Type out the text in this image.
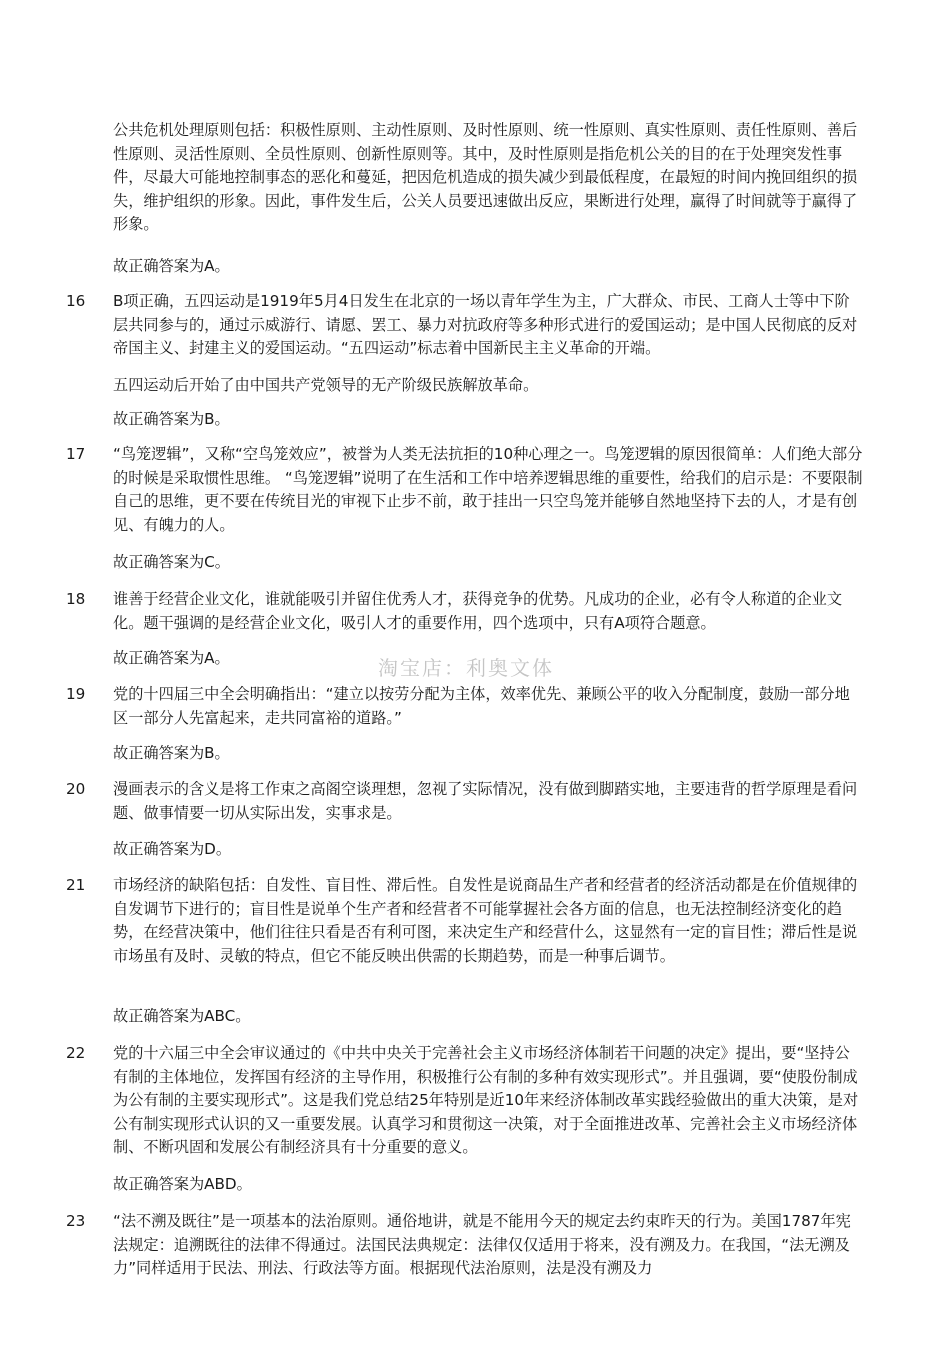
公共危机处理原则包括：积极性原则、主动性原则、及时性原则、统一性原则、真实性原则、责任性原则、善后性原则、灵活性原则、全员性原则、创新性原则等。其中，及时性原则是指危机公关的目的在于处理突发性事件，尽最大可能地控制事态的恶化和蔓延，把因危机造成的损失减少到最低程度，在最短的时间内挽回组织的损失，维护组织的形象。因此，事件发生后，公关人员要迅速做出反应，果断进行处理，赢得了时间就等于赢得了形象。

故正确答案为A。

16 B项正确，五四运动是1919年5月4日发生在北京的一场以青年学生为主，广大群众、市民、工商人士等中下阶层共同参与的，通过示威游行、请愿、罢工、暴力对抗政府等多种形式进行的爱国运动；是中国人民彻底的反对帝国主义、封建主义的爱国运动。“五四运动”标志着中国新民主主义革命的开端。

五四运动后开始了由中国共产党领导的无产阶级民族解放革命。

故正确答案为B。

17 “鸟笼逻辑”，又称“空鸟笼效应”，被誉为人类无法抗拒的10种心理之一。鸟笼逻辑的原因很简单：人们绝大部分的时候是采取惯性思维。 “鸟笼逻辑”说明了在生活和工作中培养逻辑思维的重要性，给我们的启示是：不要限制自己的思维，更不要在传统目光的审视下止步不前，敢于挂出一只空鸟笼并能够自然地坚持下去的人，才是有创见、有魄力的人。

故正确答案为C。

18 谁善于经营企业文化，谁就能吸引并留住优秀人才，获得竞争的优势。凡成功的企业，必有令人称道的企业文化。题干强调的是经营企业文化，吸引人才的重要作用，四个选项中，只有A项符合题意。

故正确答案为A。	淘宝店：利奥文体
19 党的十四届三中全会明确指出：“建立以按劳分配为主体，效率优先、兼顾公平的收入分配制度，鼓励一部分地区一部分人先富起来，走共同富裕的道路。”

故正确答案为B。

20 漫画表示的含义是将工作束之高阁空谈理想，忽视了实际情况，没有做到脚踏实地，主要违背的哲学原理是看问题、做事情要一切从实际出发，实事求是。

故正确答案为D。

21 市场经济的缺陷包括：自发性、盲目性、滞后性。自发性是说商品生产者和经营者的经济活动都是在价值规律的自发调节下进行的；盲目性是说单个生产者和经营者不可能掌握社会各方面的信息，也无法控制经济变化的趋势，在经营决策中，他们往往只看是否有利可图，来决定生产和经营什么，这显然有一定的盲目性；滞后性是说市场虽有及时、灵敏的特点，但它不能反映出供需的长期趋势，而是一种事后调节。

故正确答案为ABC。

22 党的十六届三中全会审议通过的《中共中央关于完善社会主义市场经济体制若干问题的决定》提出，要“坚持公有制的主体地位，发挥国有经济的主导作用，积极推行公有制的多种有效实现形式”。并且强调，要“使股份制成为公有制的主要实现形式”。这是我们党总结25年特别是近10年来经济体制改革实践经验做出的重大决策，是对公有制实现形式认识的又一重要发展。认真学习和贯彻这一决策，对于全面推进改革、完善社会主义市场经济体制、不断巩固和发展公有制经济具有十分重要的意义。

故正确答案为ABD。

23 “法不溯及既往”是一项基本的法治原则。通俗地讲，就是不能用今天的规定去约束昨天的行为。美国1787年宪法规定：追溯既往的法律不得通过。法国民法典规定：法律仅仅适用于将来，没有溯及力。在我国，“法无溯及力”同样适用于民法、刑法、行政法等方面。根据现代法治原则，法是没有溯及力
